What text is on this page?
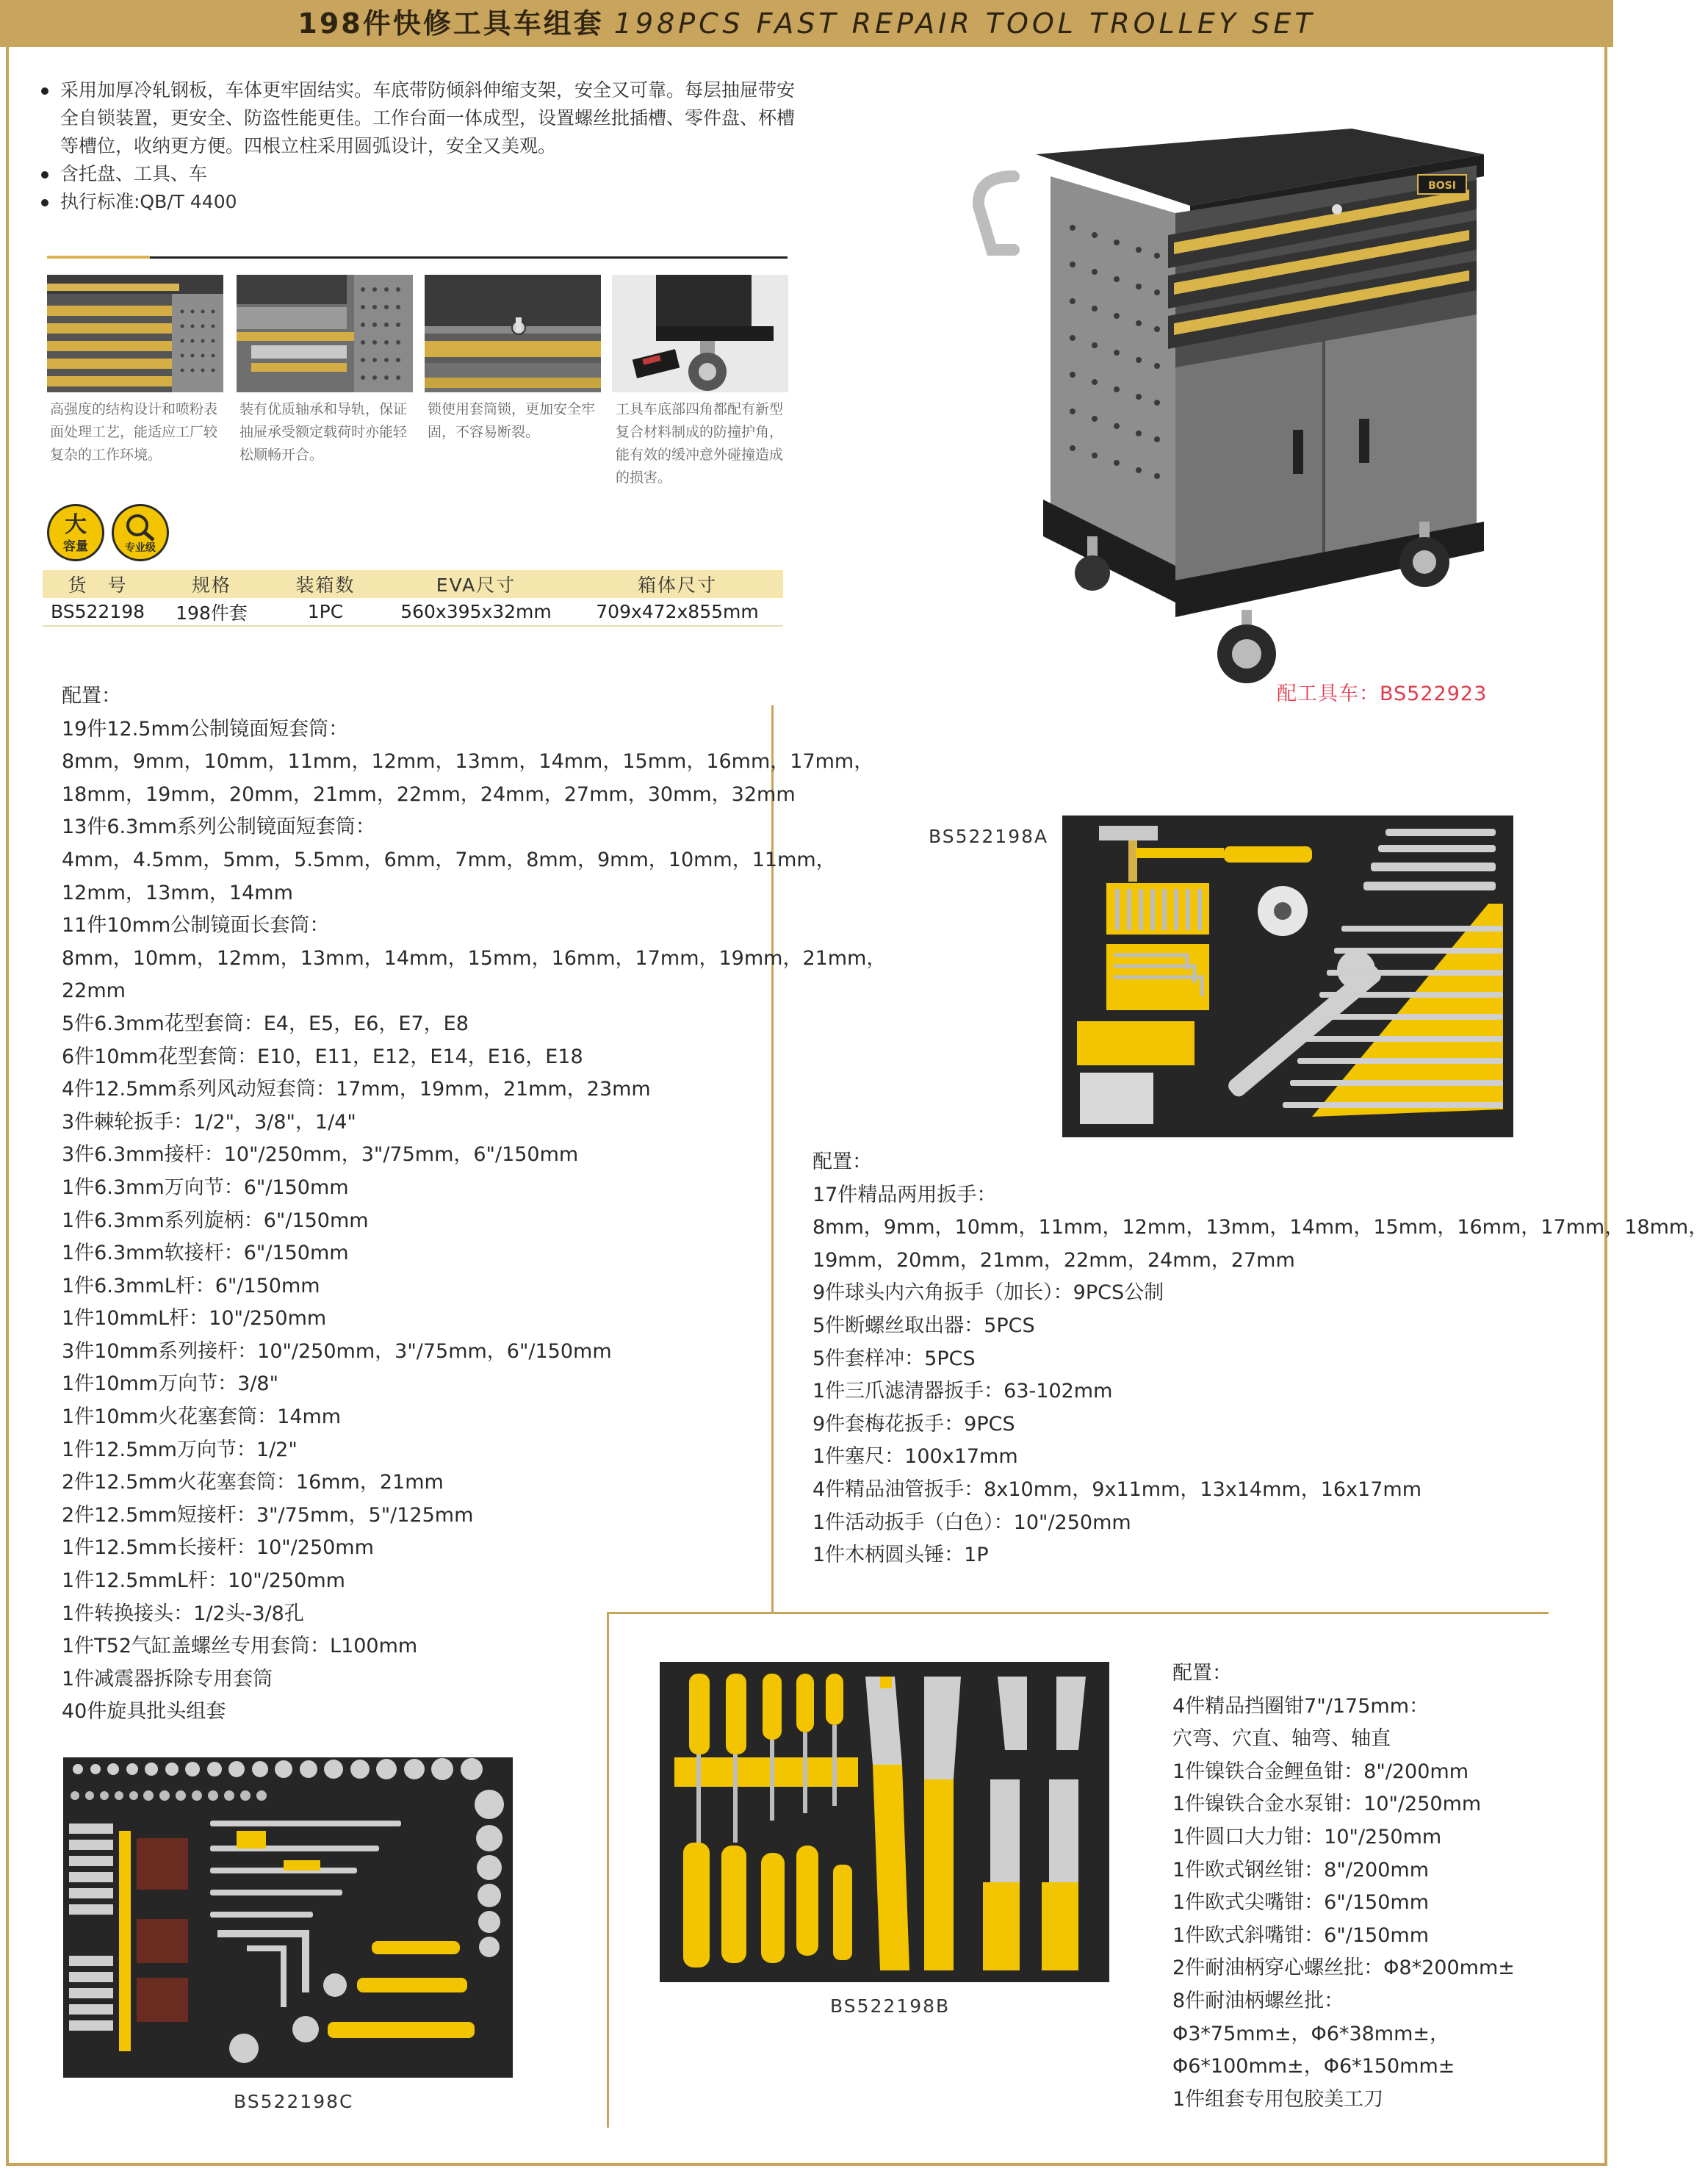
198件快修工具车组套 198PCS FAST REPAIR TOOL TROLLEY SET
采用加厚冷轧钢板，车体更牢固结实。车底带防倾斜伸缩支架，安全又可靠。每层抽屉带安全自锁装置，更安全、防盗性能更佳。工作台面一体成型，设置螺丝批插槽、零件盘、杯槽等槽位，收纳更方便。四根立柱采用圆弧设计，安全又美观。
含托盘、工具、车
执行标准:QB/T 4400
高强度的结构设计和喷粉表面处理工艺，能适应工厂较复杂的工作环境。
装有优质轴承和导轨，保证抽屉承受额定载荷时亦能轻松顺畅开合。
锁使用套筒锁，更加安全牢固，不容易断裂。
工具车底部四角都配有新型复合材料制成的防撞护角，能有效的缓冲意外碰撞造成的损害。
大
容量	专业级
货　号	规格	装箱数	EVA尺寸	箱体尺寸
BS522198	198件套	1PC	560x395x32mm	709x472x855mm
BOSI
配工具车：BS522923
配置：
19件12.5mm公制镜面短套筒：
8mm，9mm，10mm，11mm，12mm，13mm，14mm，15mm，16mm，17mm，
18mm，19mm，20mm，21mm，22mm，24mm，27mm，30mm，32mm
13件6.3mm系列公制镜面短套筒：
4mm，4.5mm，5mm，5.5mm，6mm，7mm，8mm，9mm，10mm，11mm，
12mm，13mm，14mm
11件10mm公制镜面长套筒：
8mm，10mm，12mm，13mm，14mm，15mm，16mm，17mm，19mm，21mm，
22mm
5件6.3mm花型套筒：E4，E5，E6，E7，E8
6件10mm花型套筒：E10，E11，E12，E14，E16，E18
4件12.5mm系列风动短套筒：17mm，19mm，21mm，23mm
3件棘轮扳手：1/2"，3/8"，1/4"
3件6.3mm接杆：10"/250mm，3"/75mm，6"/150mm
1件6.3mm万向节：6"/150mm
1件6.3mm系列旋柄：6"/150mm
1件6.3mm软接杆：6"/150mm
1件6.3mmL杆：6"/150mm
1件10mmL杆：10"/250mm
3件10mm系列接杆：10"/250mm，3"/75mm，6"/150mm
1件10mm万向节：3/8"
1件10mm火花塞套筒：14mm
1件12.5mm万向节：1/2"
2件12.5mm火花塞套筒：16mm，21mm
2件12.5mm短接杆：3"/75mm，5"/125mm
1件12.5mm长接杆：10"/250mm
1件12.5mmL杆：10"/250mm
1件转换接头：1/2头-3/8孔
1件T52气缸盖螺丝专用套筒：L100mm
1件减震器拆除专用套筒
40件旋具批头组套
BS522198A
配置：
17件精品两用扳手：
8mm，9mm，10mm，11mm，12mm，13mm，14mm，15mm，16mm，17mm，18mm，
19mm，20mm，21mm，22mm，24mm，27mm
9件球头内六角扳手（加长）：9PCS公制
5件断螺丝取出器：5PCS
5件套样冲：5PCS
1件三爪滤清器扳手：63-102mm
9件套梅花扳手：9PCS
1件塞尺：100x17mm
4件精品油管扳手：8x10mm，9x11mm，13x14mm，16x17mm
1件活动扳手（白色）：10"/250mm
1件木柄圆头锤：1P
BS522198B
配置：
4件精品挡圈钳7"/175mm：
穴弯、穴直、轴弯、轴直
1件镍铁合金鲤鱼钳：8"/200mm
1件镍铁合金水泵钳：10"/250mm
1件圆口大力钳：10"/250mm
1件欧式钢丝钳：8"/200mm
1件欧式尖嘴钳：6"/150mm
1件欧式斜嘴钳：6"/150mm
2件耐油柄穿心螺丝批：Φ8*200mm±
8件耐油柄螺丝批：
Φ3*75mm±，Φ6*38mm±，
Φ6*100mm±，Φ6*150mm±
1件组套专用包胶美工刀
BS522198C
